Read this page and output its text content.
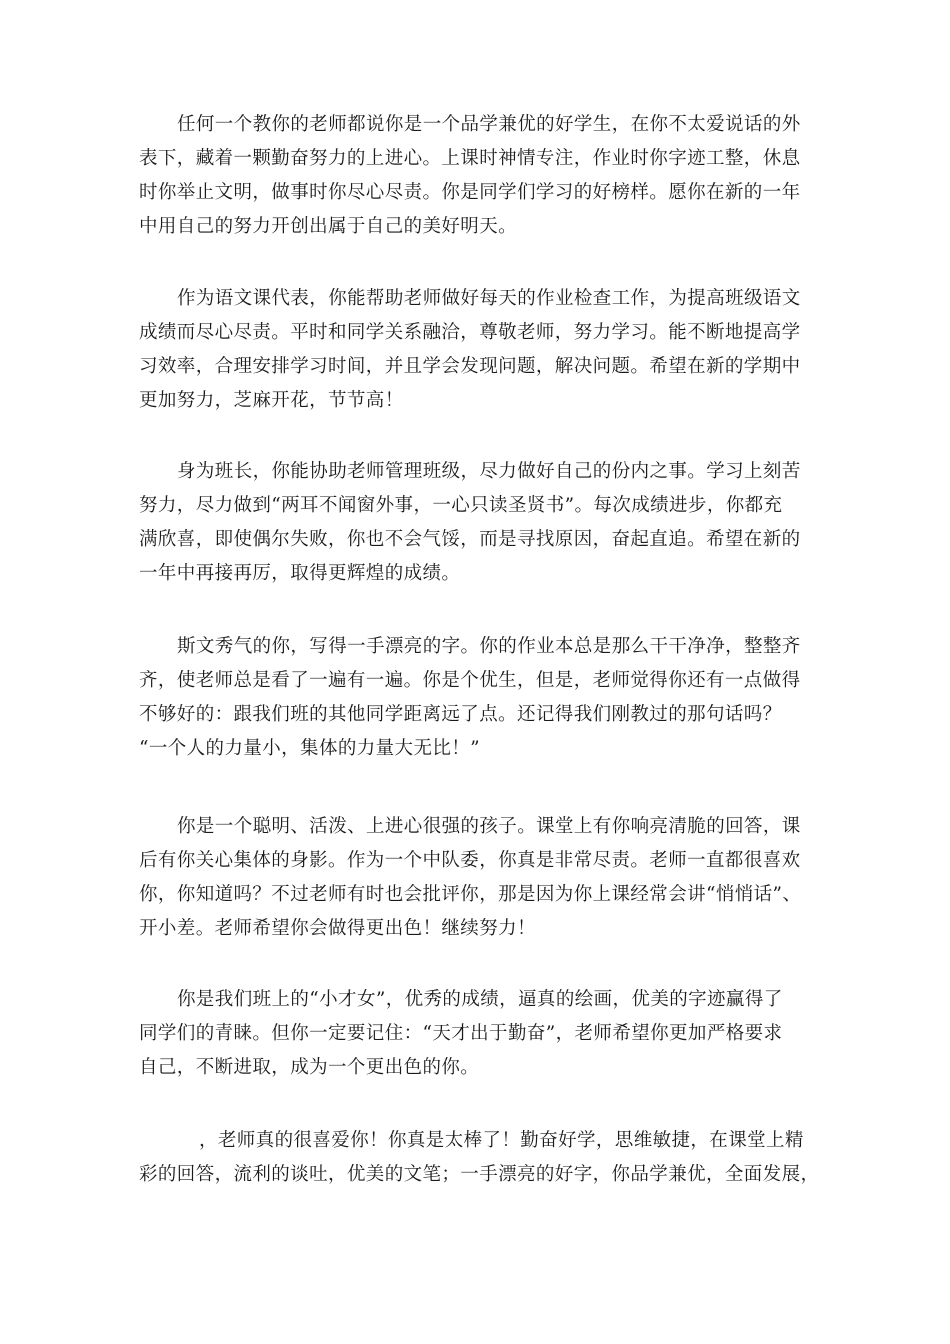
任何一个教你的老师都说你是一个品学兼优的好学生，在你不太爱说话的外
表下，藏着一颗勤奋努力的上进心。上课时神情专注，作业时你字迹工整，休息
时你举止文明，做事时你尽心尽责。你是同学们学习的好榜样。愿你在新的一年
中用自己的努力开创出属于自己的美好明天。
作为语文课代表，你能帮助老师做好每天的作业检查工作，为提高班级语文
成绩而尽心尽责。平时和同学关系融洽，尊敬老师，努力学习。能不断地提高学
习效率，合理安排学习时间，并且学会发现问题，解决问题。希望在新的学期中
更加努力，芝麻开花，节节高！
身为班长，你能协助老师管理班级，尽力做好自己的份内之事。学习上刻苦
努力，尽力做到“两耳不闻窗外事，一心只读圣贤书”。每次成绩进步，你都充
满欣喜，即使偶尔失败，你也不会气馁，而是寻找原因，奋起直追。希望在新的
一年中再接再厉，取得更辉煌的成绩。
斯文秀气的你，写得一手漂亮的字。你的作业本总是那么干干净净，整整齐
齐，使老师总是看了一遍有一遍。你是个优生，但是，老师觉得你还有一点做得
不够好的：跟我们班的其他同学距离远了点。还记得我们刚教过的那句话吗？
“一个人的力量小，集体的力量大无比！”
你是一个聪明、活泼、上进心很强的孩子。课堂上有你响亮清脆的回答，课
后有你关心集体的身影。作为一个中队委，你真是非常尽责。老师一直都很喜欢
你，你知道吗？不过老师有时也会批评你，那是因为你上课经常会讲“悄悄话”、
开小差。老师希望你会做得更出色！继续努力！
你是我们班上的“小才女”，优秀的成绩，逼真的绘画，优美的字迹赢得了
同学们的青睐。但你一定要记住：“天才出于勤奋”，老师希望你更加严格要求
自己，不断进取，成为一个更出色的你。
，老师真的很喜爱你！你真是太棒了！勤奋好学，思维敏捷，在课堂上精
彩的回答，流利的谈吐，优美的文笔；一手漂亮的好字，你品学兼优，全面发展，
